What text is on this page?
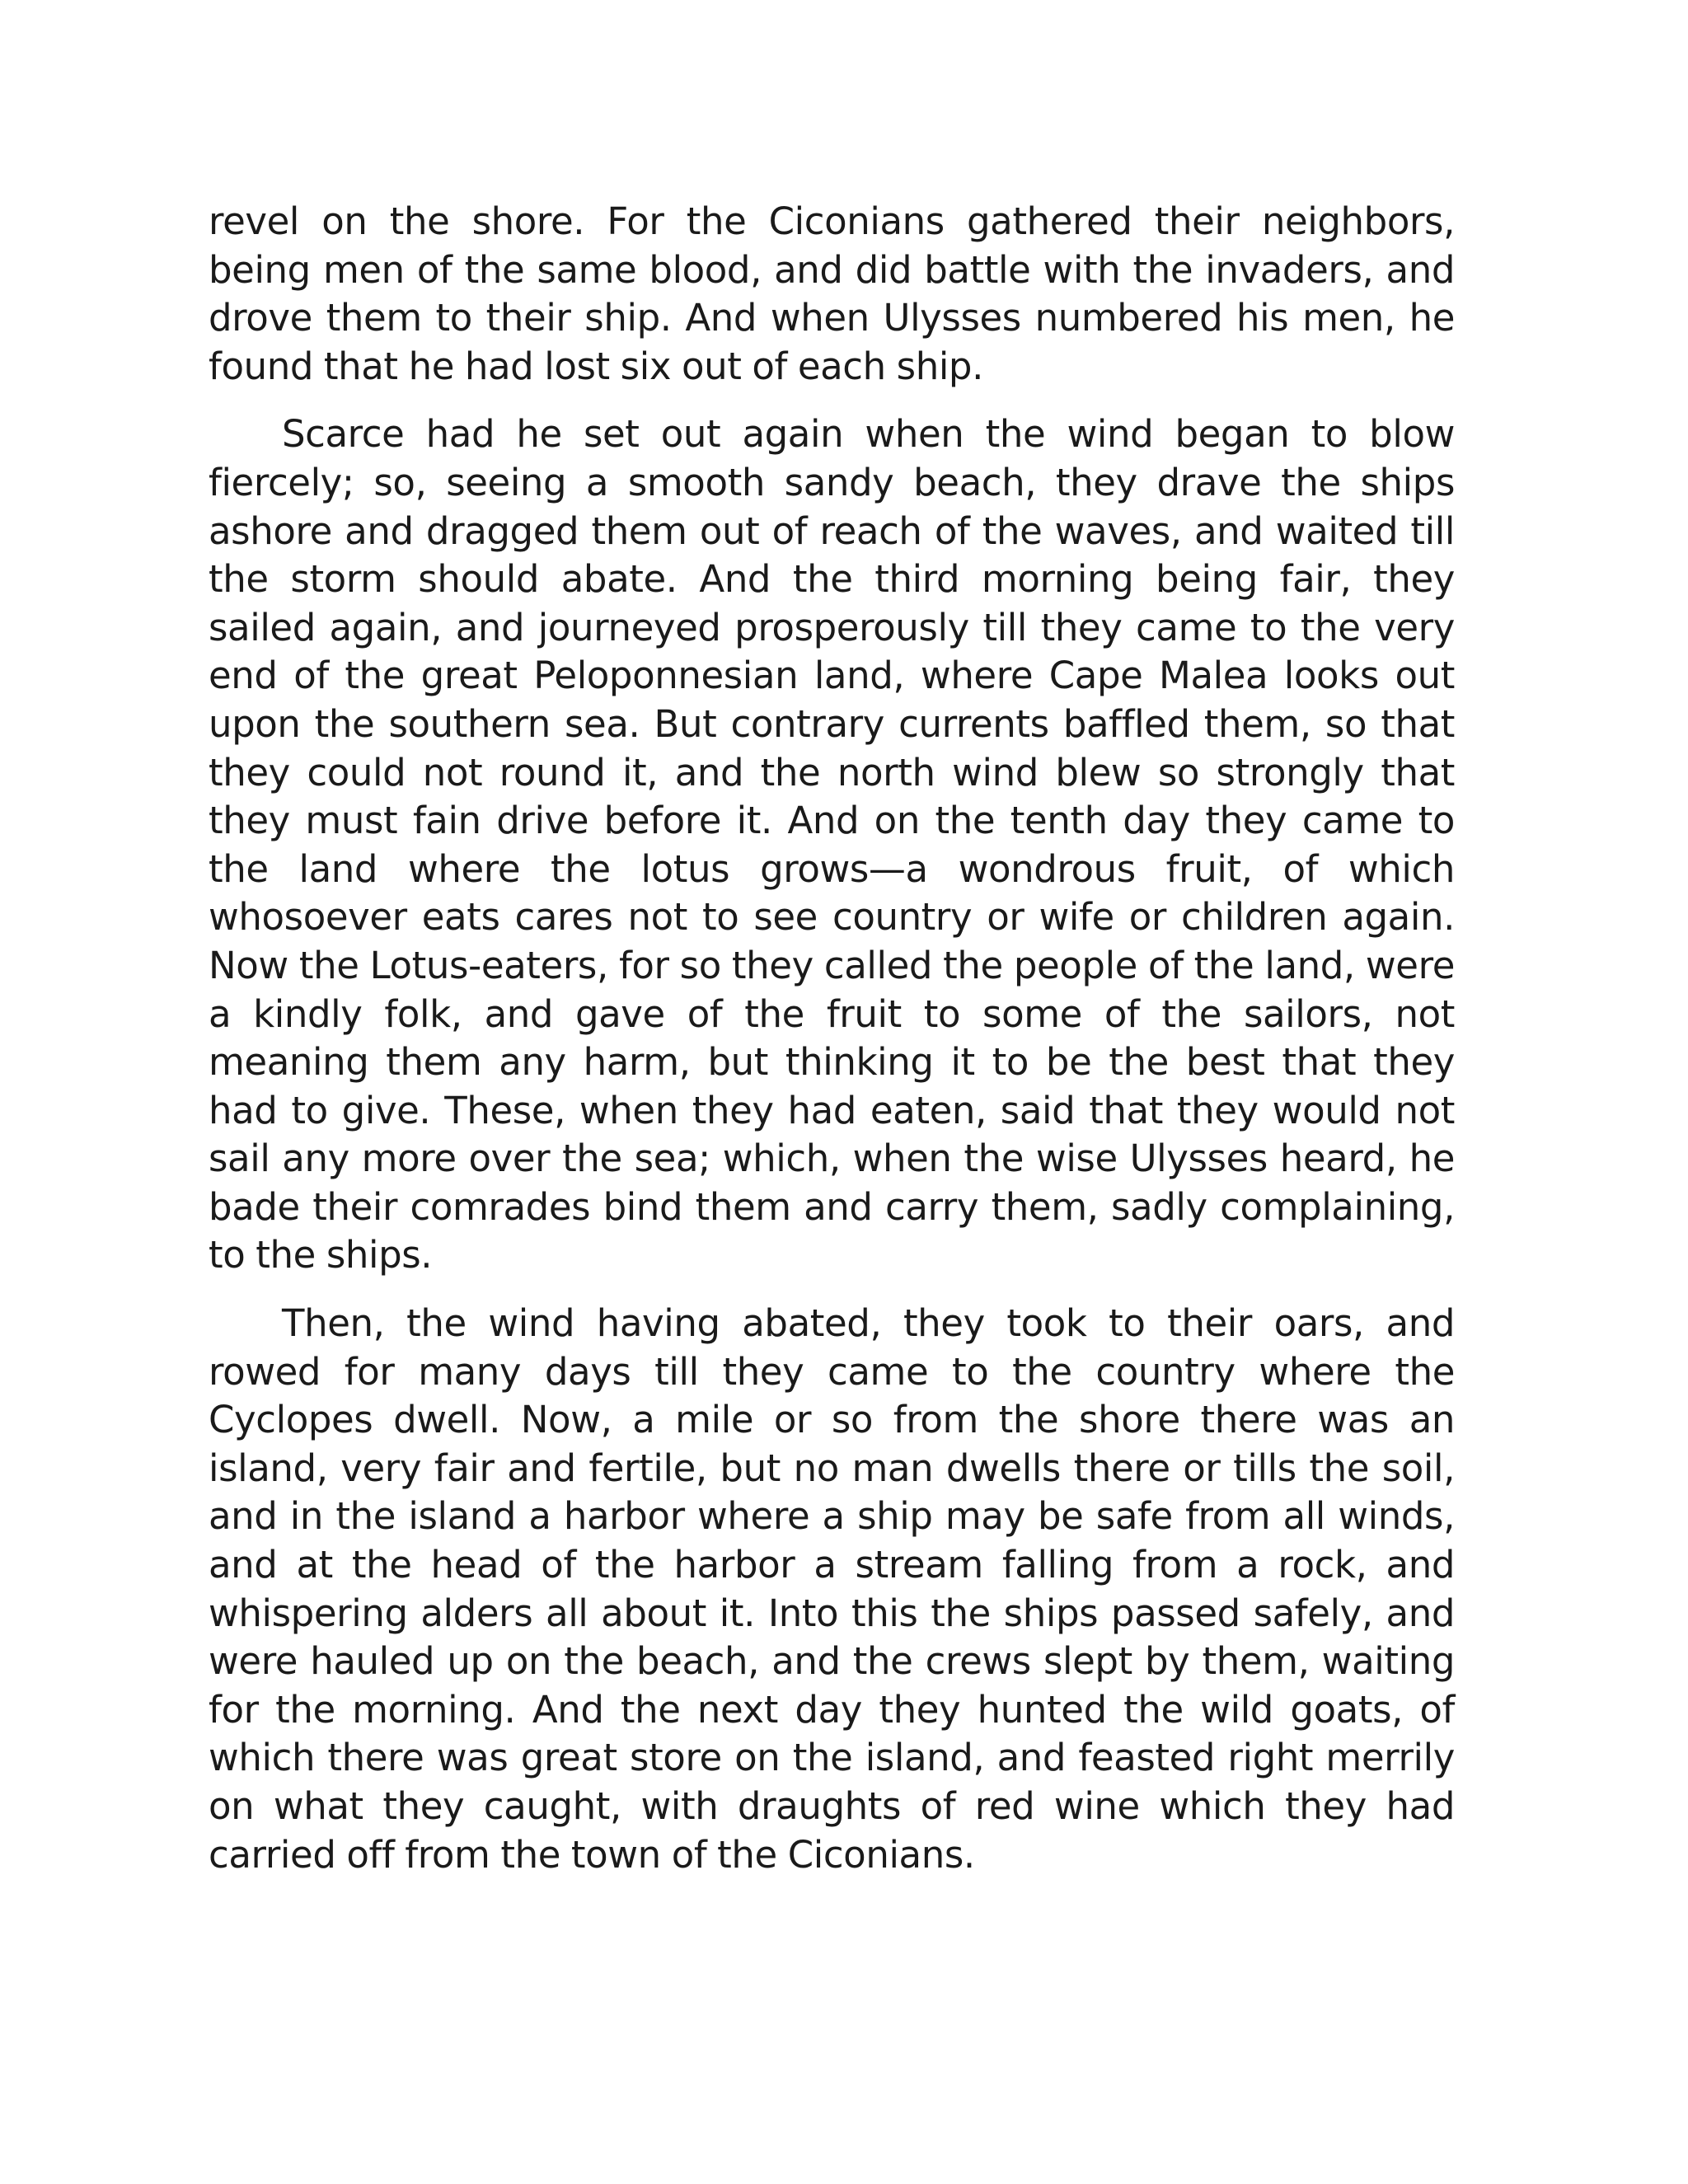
revel on the shore. For the Ciconians gathered their neighbors, being men of the same blood, and did battle with the invaders, and drove them to their ship. And when Ulysses numbered his men, he found that he had lost six out of each ship.

Scarce had he set out again when the wind began to blow fiercely; so, seeing a smooth sandy beach, they drave the ships ashore and dragged them out of reach of the waves, and waited till the storm should abate. And the third morning being fair, they sailed again, and journeyed prosperously till they came to the very end of the great Peloponnesian land, where Cape Malea looks out upon the southern sea. But contrary currents baffled them, so that they could not round it, and the north wind blew so strongly that they must fain drive before it. And on the tenth day they came to the land where the lotus grows—a wondrous fruit, of which whosoever eats cares not to see country or wife or children again. Now the Lotus-eaters, for so they called the people of the land, were a kindly folk, and gave of the fruit to some of the sailors, not meaning them any harm, but thinking it to be the best that they had to give. These, when they had eaten, said that they would not sail any more over the sea; which, when the wise Ulysses heard, he bade their comrades bind them and carry them, sadly complaining, to the ships.

Then, the wind having abated, they took to their oars, and rowed for many days till they came to the country where the Cyclopes dwell. Now, a mile or so from the shore there was an island, very fair and fertile, but no man dwells there or tills the soil, and in the island a harbor where a ship may be safe from all winds, and at the head of the harbor a stream falling from a rock, and whispering alders all about it. Into this the ships passed safely, and were hauled up on the beach, and the crews slept by them, waiting for the morning. And the next day they hunted the wild goats, of which there was great store on the island, and feasted right merrily on what they caught, with draughts of red wine which they had carried off from the town of the Ciconians.
